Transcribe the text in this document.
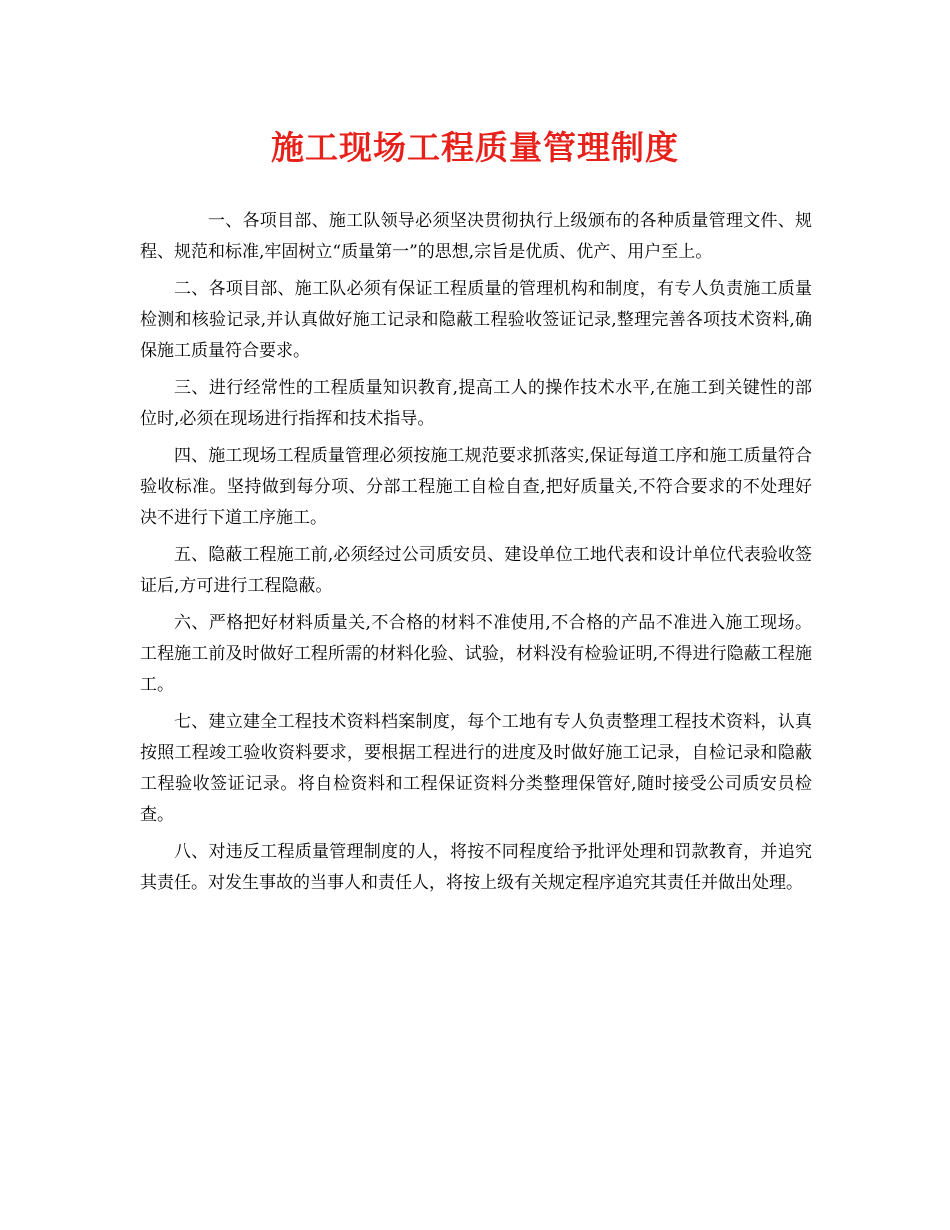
施工现场工程质量管理制度

一、各项目部、施工队领导必须坚决贯彻执行上级颁布的各种质量管理文件、规程、规范和标准,牢固树立“质量第一”的思想,宗旨是优质、优产、用户至上。

二、各项目部、施工队必须有保证工程质量的管理机构和制度，有专人负责施工质量检测和核验记录,并认真做好施工记录和隐蔽工程验收签证记录,整理完善各项技术资料,确保施工质量符合要求。

三、进行经常性的工程质量知识教育,提高工人的操作技术水平,在施工到关键性的部位时,必须在现场进行指挥和技术指导。

四、施工现场工程质量管理必须按施工规范要求抓落实,保证每道工序和施工质量符合验收标准。坚持做到每分项、分部工程施工自检自查,把好质量关,不符合要求的不处理好决不进行下道工序施工。

五、隐蔽工程施工前,必须经过公司质安员、建设单位工地代表和设计单位代表验收签证后,方可进行工程隐蔽。

六、严格把好材料质量关,不合格的材料不准使用,不合格的产品不准进入施工现场。工程施工前及时做好工程所需的材料化验、试验，材料没有检验证明,不得进行隐蔽工程施工。

七、建立建全工程技术资料档案制度，每个工地有专人负责整理工程技术资料，认真按照工程竣工验收资料要求，要根据工程进行的进度及时做好施工记录，自检记录和隐蔽工程验收签证记录。将自检资料和工程保证资料分类整理保管好,随时接受公司质安员检查。

八、对违反工程质量管理制度的人，将按不同程度给予批评处理和罚款教育，并追究其责任。对发生事故的当事人和责任人，将按上级有关规定程序追究其责任并做出处理。
